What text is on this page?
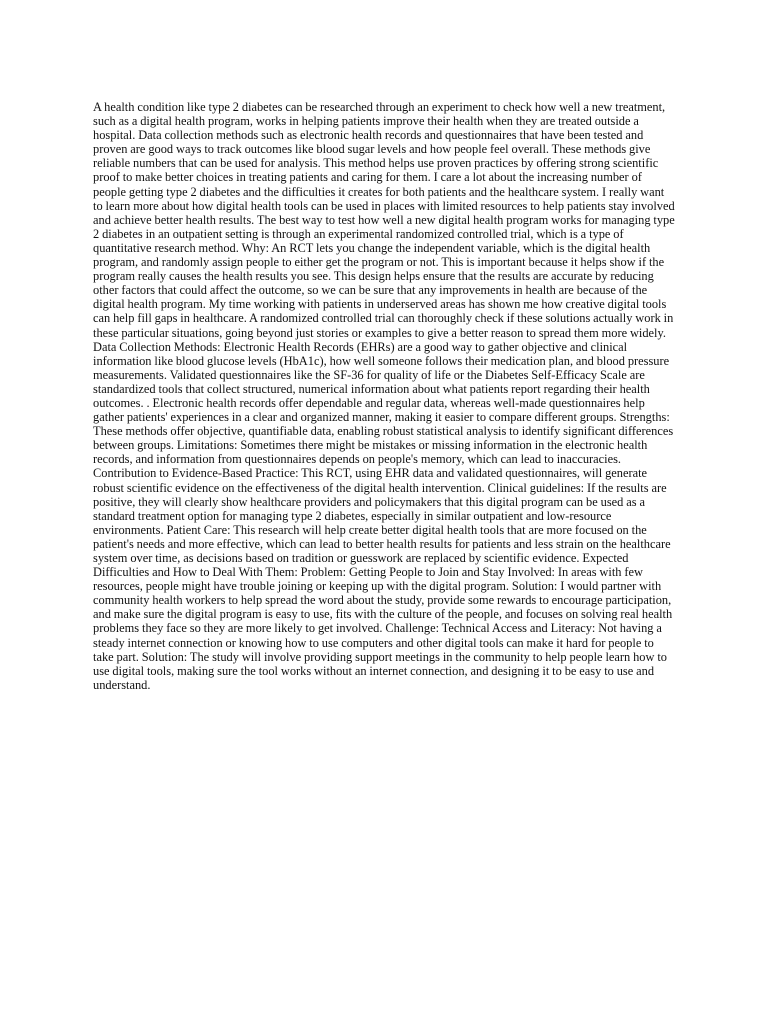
A health condition like type 2 diabetes can be researched through an experiment to check how well a new treatment, such as a digital health program, works in helping patients improve their health when they are treated outside a hospital. Data collection methods such as electronic health records and questionnaires that have been tested and proven are good ways to track outcomes like blood sugar levels and how people feel overall. These methods give reliable numbers that can be used for analysis. This method helps use proven practices by offering strong scientific proof to make better choices in treating patients and caring for them. I care a lot about the increasing number of people getting type 2 diabetes and the difficulties it creates for both patients and the healthcare system. I really want to learn more about how digital health tools can be used in places with limited resources to help patients stay involved and achieve better health results. The best way to test how well a new digital health program works for managing type 2 diabetes in an outpatient setting is through an experimental randomized controlled trial, which is a type of quantitative research method. Why: An RCT lets you change the independent variable, which is the digital health program, and randomly assign people to either get the program or not. This is important because it helps show if the program really causes the health results you see. This design helps ensure that the results are accurate by reducing other factors that could affect the outcome, so we can be sure that any improvements in health are because of the digital health program. My time working with patients in underserved areas has shown me how creative digital tools can help fill gaps in healthcare. A randomized controlled trial can thoroughly check if these solutions actually work in these particular situations, going beyond just stories or examples to give a better reason to spread them more widely. Data Collection Methods: Electronic Health Records (EHRs) are a good way to gather objective and clinical information like blood glucose levels (HbA1c), how well someone follows their medication plan, and blood pressure measurements. Validated questionnaires like the SF-36 for quality of life or the Diabetes Self-Efficacy Scale are standardized tools that collect structured, numerical information about what patients report regarding their health outcomes. . Electronic health records offer dependable and regular data, whereas well-made questionnaires help gather patients' experiences in a clear and organized manner, making it easier to compare different groups. Strengths: These methods offer objective, quantifiable data, enabling robust statistical analysis to identify significant differences between groups. Limitations: Sometimes there might be mistakes or missing information in the electronic health records, and information from questionnaires depends on people's memory, which can lead to inaccuracies. Contribution to Evidence-Based Practice: This RCT, using EHR data and validated questionnaires, will generate robust scientific evidence on the effectiveness of the digital health intervention. Clinical guidelines: If the results are positive, they will clearly show healthcare providers and policymakers that this digital program can be used as a standard treatment option for managing type 2 diabetes, especially in similar outpatient and low-resource environments. Patient Care: This research will help create better digital health tools that are more focused on the patient's needs and more effective, which can lead to better health results for patients and less strain on the healthcare system over time, as decisions based on tradition or guesswork are replaced by scientific evidence. Expected Difficulties and How to Deal With Them: Problem: Getting People to Join and Stay Involved: In areas with few resources, people might have trouble joining or keeping up with the digital program. Solution: I would partner with community health workers to help spread the word about the study, provide some rewards to encourage participation, and make sure the digital program is easy to use, fits with the culture of the people, and focuses on solving real health problems they face so they are more likely to get involved. Challenge: Technical Access and Literacy: Not having a steady internet connection or knowing how to use computers and other digital tools can make it hard for people to take part. Solution: The study will involve providing support meetings in the community to help people learn how to use digital tools, making sure the tool works without an internet connection, and designing it to be easy to use and understand.
